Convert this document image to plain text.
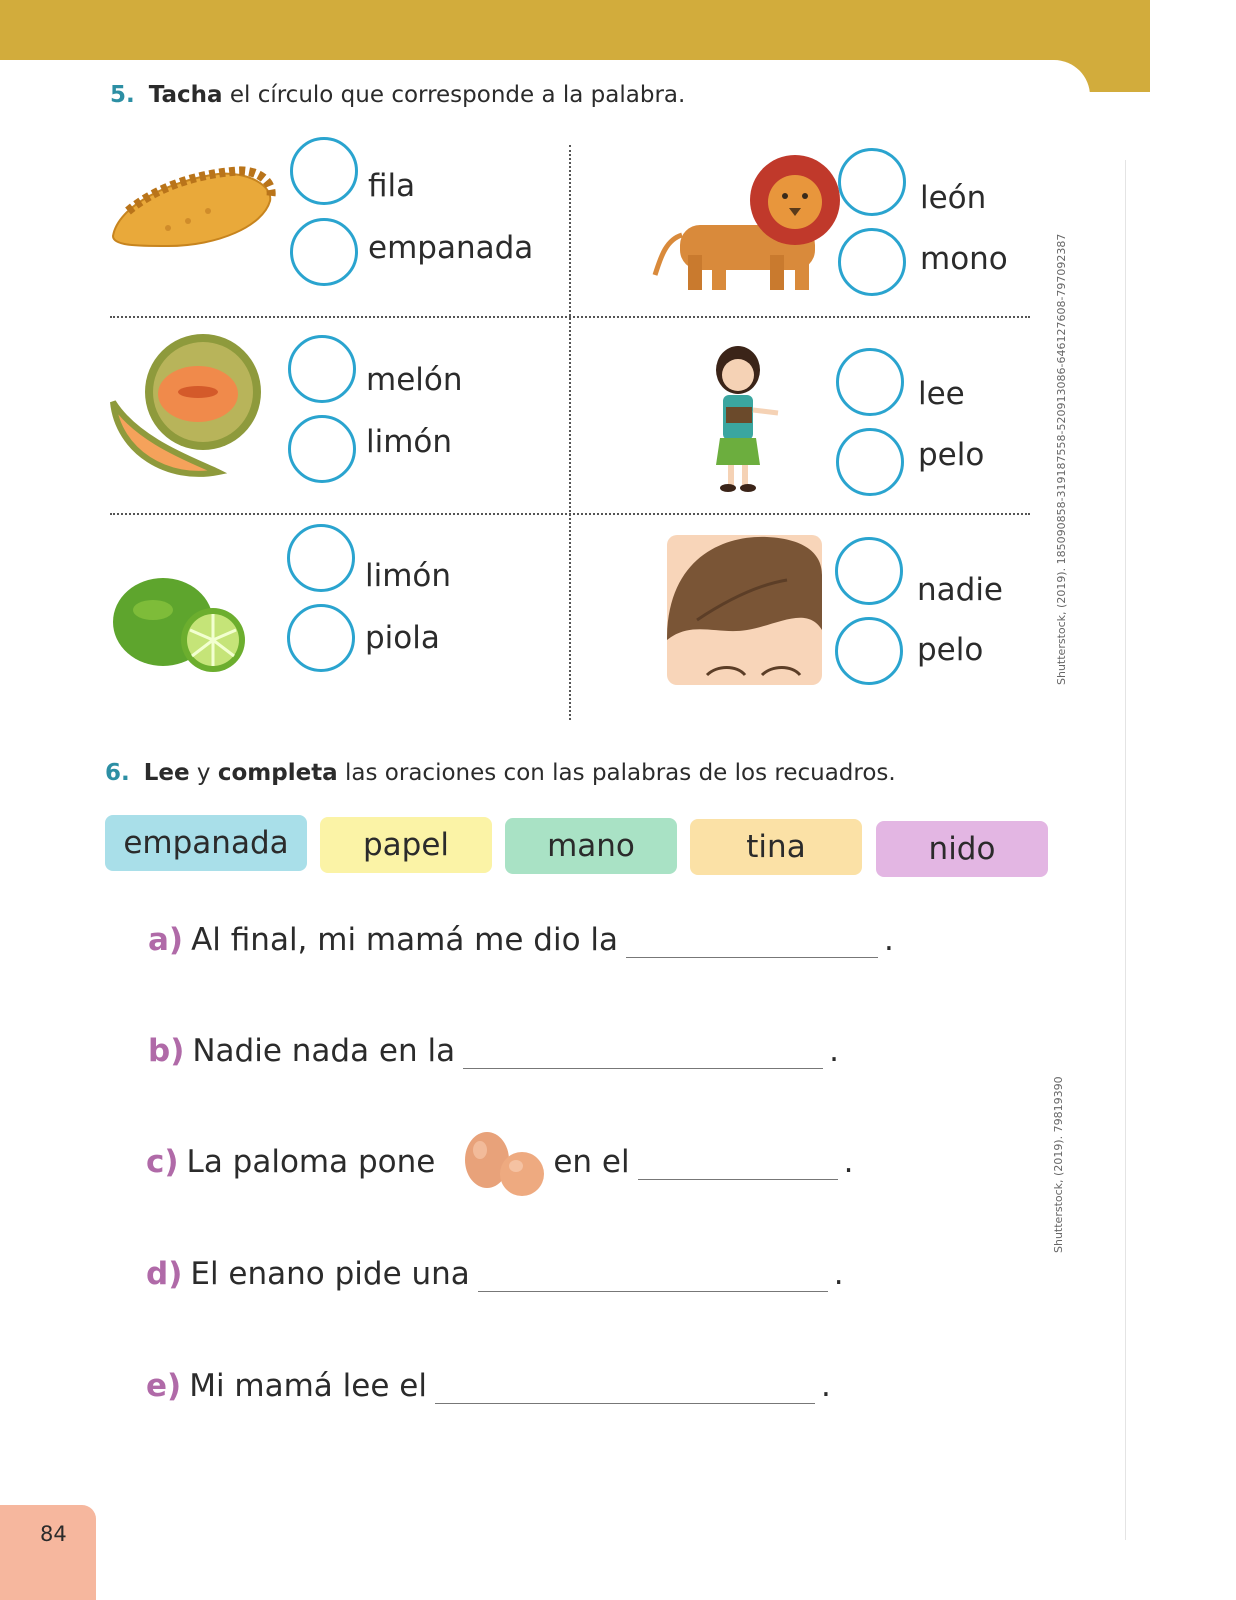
5. Tacha el círculo que corresponde a la palabra.
fila
empanada
león
mono
melón
limón
lee
pelo
limón
piola
nadie
pelo
6. Lee y completa las oraciones con las palabras de los recuadros.
empanada	papel	mano	tina	nido
a) Al final, mi mamá me dio la	.
b) Nadie nada en la	.
c) La paloma pone	en el	.
d) El enano pide una	.
e) Mi mamá lee el	.
Shutterstock, (2019). 185090858-319187558-520913086-646127608-797092387
Shutterstock, (2019). 79819390
84
